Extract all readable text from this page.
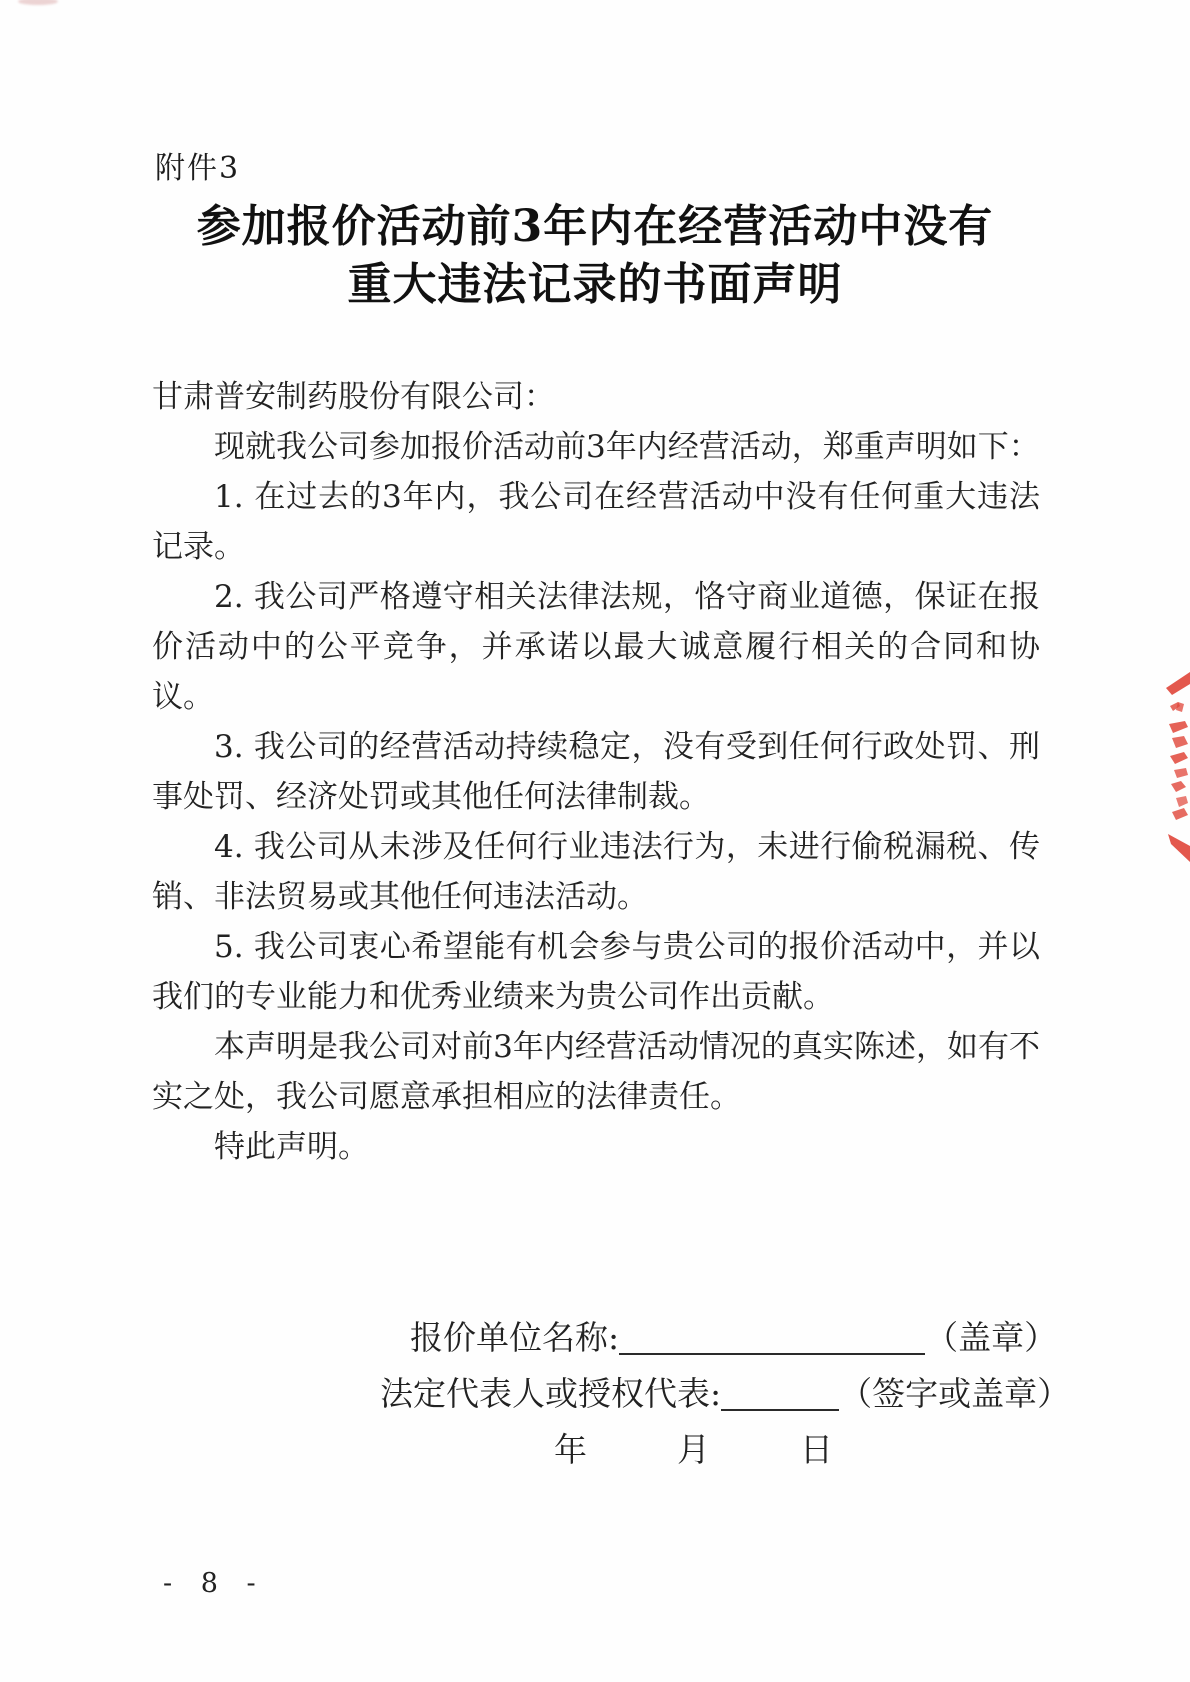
附件3
参加报价活动前3年内在经营活动中没有
重大违法记录的书面声明

甘肃普安制药股份有限公司：

现就我公司参加报价活动前3年内经营活动，郑重声明如下：

1. 在过去的3年内，我公司在经营活动中没有任何重大违法记录。

2. 我公司严格遵守相关法律法规，恪守商业道德，保证在报价活动中的公平竞争，并承诺以最大诚意履行相关的合同和协议。

3. 我公司的经营活动持续稳定，没有受到任何行政处罚、刑事处罚、经济处罚或其他任何法律制裁。

4. 我公司从未涉及任何行业违法行为，未进行偷税漏税、传销、非法贸易或其他任何违法活动。

5. 我公司衷心希望能有机会参与贵公司的报价活动中，并以我们的专业能力和优秀业绩来为贵公司作出贡献。

本声明是我公司对前3年内经营活动情况的真实陈述，如有不实之处，我公司愿意承担相应的法律责任。

特此声明。

报价单位名称:	（盖章）
法定代表人或授权代表:	（签字或盖章）
年　　月　　日
- 8 -
